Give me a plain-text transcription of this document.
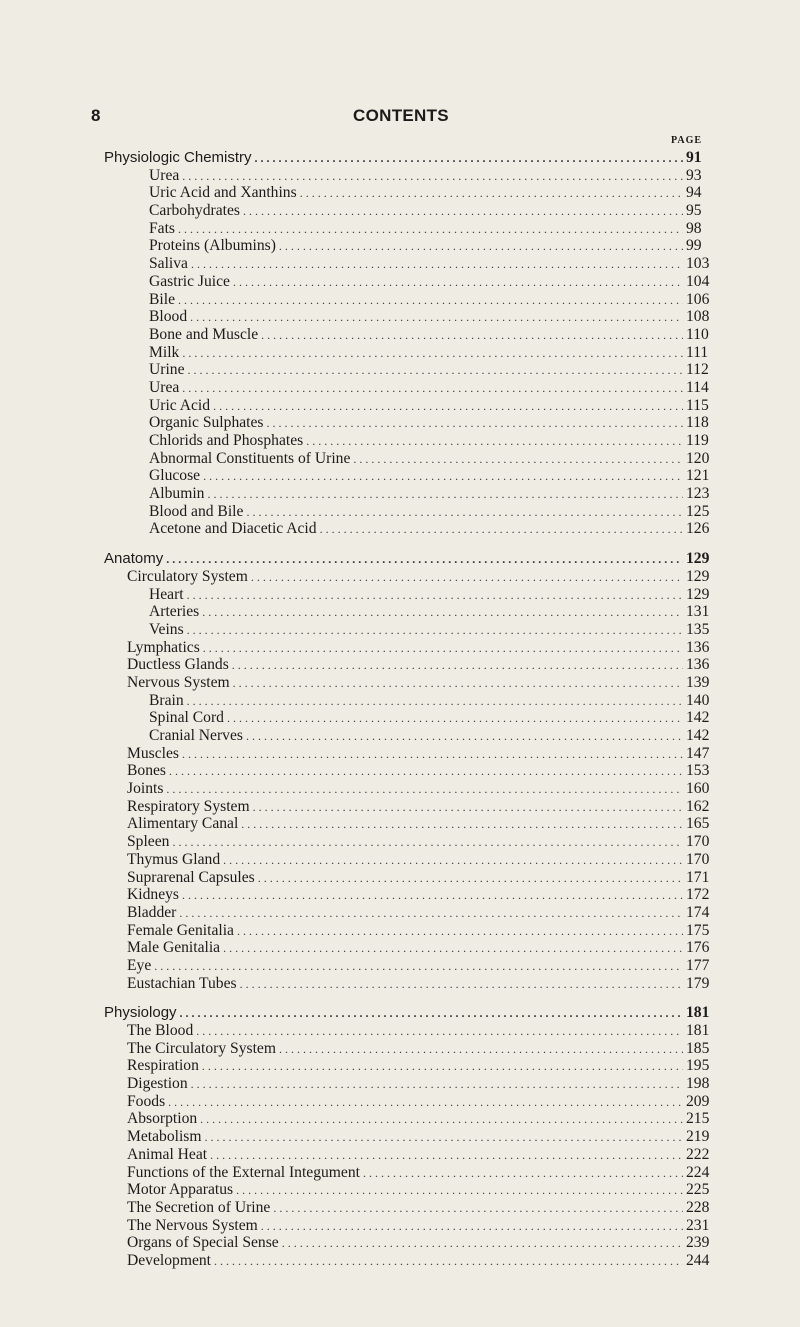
8	CONTENTS
PAGE
Physiologic Chemistry . . .	91
Urea . . .	93
Uric Acid and Xanthins . . .	94
Carbohydrates . . .	95
Fats . . .	98
Proteins (Albumins) . . .	99
Saliva . . .	103
Gastric Juice . . .	104
Bile . . .	106
Blood . . .	108
Bone and Muscle . . .	110
Milk . . .	111
Urine . . .	112
Urea . . .	114
Uric Acid . . .	115
Organic Sulphates . . .	118
Chlorids and Phosphates . . .	119
Abnormal Constituents of Urine . . .	120
Glucose . . .	121
Albumin . . .	123
Blood and Bile . . .	125
Acetone and Diacetic Acid . . .	126
Anatomy . . .	129
Circulatory System . . .	129
Heart . . .	129
Arteries . . .	131
Veins . . .	135
Lymphatics . . .	136
Ductless Glands . . .	136
Nervous System . . .	139
Brain . . .	140
Spinal Cord . . .	142
Cranial Nerves . . .	142
Muscles . . .	147
Bones . . .	153
Joints . . .	160
Respiratory System . . .	162
Alimentary Canal . . .	165
Spleen . . .	170
Thymus Gland . . .	170
Suprarenal Capsules . . .	171
Kidneys . . .	172
Bladder . . .	174
Female Genitalia . . .	175
Male Genitalia . . .	176
Eye . . .	177
Eustachian Tubes . . .	179
Physiology . . .	181
The Blood . . .	181
The Circulatory System . . .	185
Respiration . . .	195
Digestion . . .	198
Foods . . .	209
Absorption . . .	215
Metabolism . . .	219
Animal Heat . . .	222
Functions of the External Integument . . .	224
Motor Apparatus . . .	225
The Secretion of Urine . . .	228
The Nervous System . . .	231
Organs of Special Sense . . .	239
Development . . .	244
